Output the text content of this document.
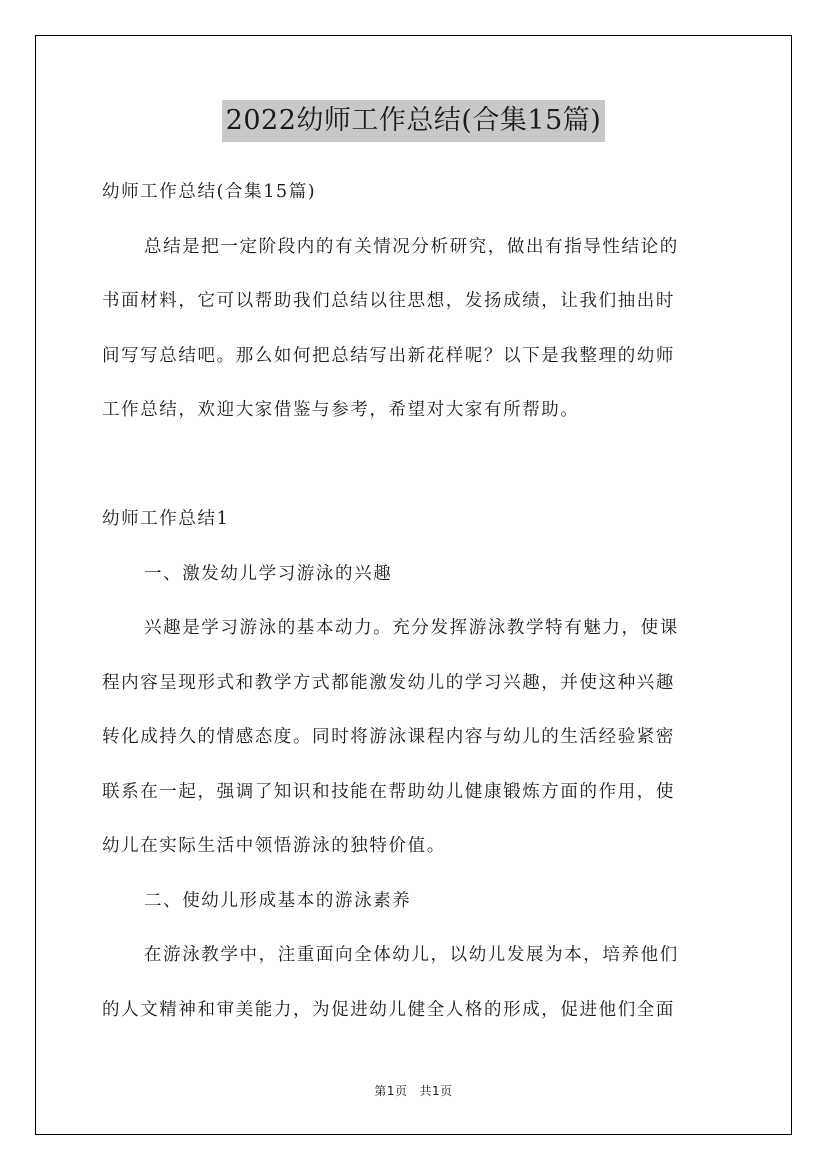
2022幼师工作总结(合集15篇)
幼师工作总结(合集15篇)
总结是把一定阶段内的有关情况分析研究，做出有指导性结论的
书面材料，它可以帮助我们总结以往思想，发扬成绩，让我们抽出时
间写写总结吧。那么如何把总结写出新花样呢？以下是我整理的幼师
工作总结，欢迎大家借鉴与参考，希望对大家有所帮助。
幼师工作总结1
一、激发幼儿学习游泳的兴趣
兴趣是学习游泳的基本动力。充分发挥游泳教学特有魅力，使课
程内容呈现形式和教学方式都能激发幼儿的学习兴趣，并使这种兴趣
转化成持久的情感态度。同时将游泳课程内容与幼儿的生活经验紧密
联系在一起，强调了知识和技能在帮助幼儿健康锻炼方面的作用，使
幼儿在实际生活中领悟游泳的独特价值。
二、使幼儿形成基本的游泳素养
在游泳教学中，注重面向全体幼儿，以幼儿发展为本，培养他们
的人文精神和审美能力，为促进幼儿健全人格的形成，促进他们全面
第1页 共1页
